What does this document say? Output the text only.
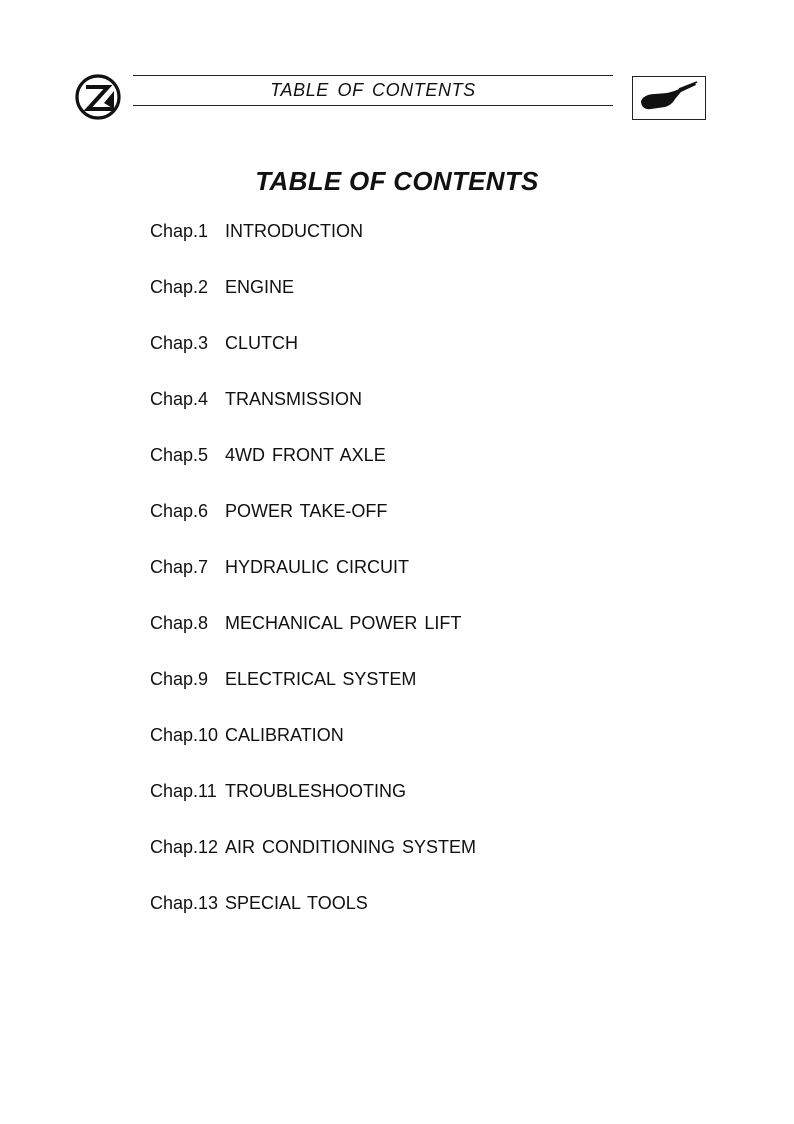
TABLE OF CONTENTS
TABLE OF CONTENTS
Chap.1 INTRODUCTION
Chap.2 ENGINE
Chap.3 CLUTCH
Chap.4 TRANSMISSION
Chap.5 4WD FRONT AXLE
Chap.6 POWER TAKE-OFF
Chap.7 HYDRAULIC CIRCUIT
Chap.8 MECHANICAL POWER LIFT
Chap.9 ELECTRICAL SYSTEM
Chap.10 CALIBRATION
Chap.11 TROUBLESHOOTING
Chap.12 AIR CONDITIONING SYSTEM
Chap.13 SPECIAL TOOLS
